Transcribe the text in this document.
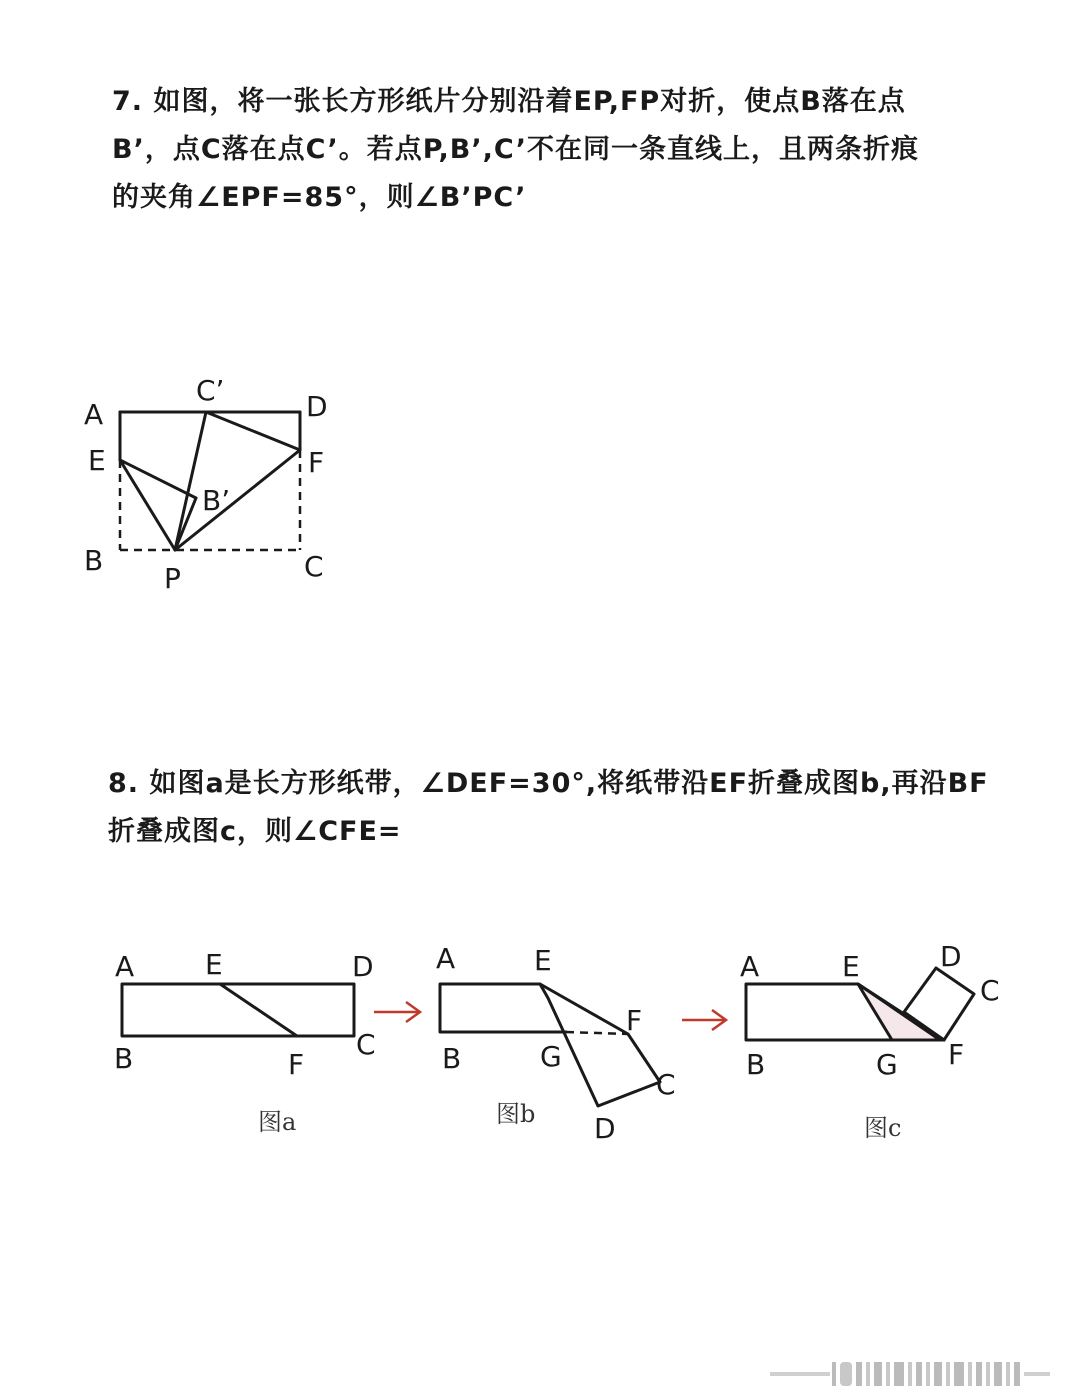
7. 如图，将一张长方形纸片分别沿着EP,FP对折，使点B落在点
B’，点C落在点C’。若点P,B’,C’不在同一条直线上，且两条折痕
的夹角∠EPF=85°，则∠B’PC’
8. 如图a是长方形纸带，∠DEF=30°,将纸带沿EF折叠成图b,再沿BF
折叠成图c，则∠CFE=
A
C’	D
E	F
B’
B
P	C
A	E	D
B	F
C
图a
A	E
F
B	G
C
D
图b
A	E	D
C
B	G F
图c
